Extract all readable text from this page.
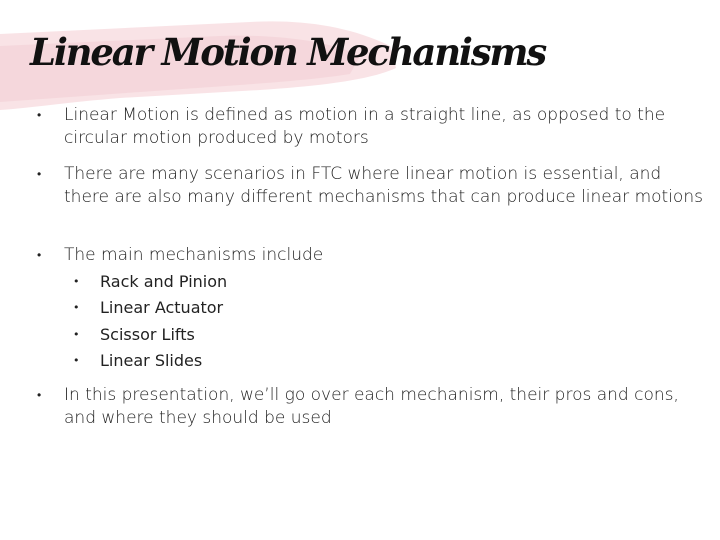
Linear Motion Mechanisms
• Linear Motion is defined as motion in a straight line, as opposed to the circular motion produced by motors
• There are many scenarios in FTC where linear motion is essential, and there are also many different mechanisms that can produce linear motions
• The main mechanisms include
• Rack and Pinion
• Linear Actuator
• Scissor Lifts
• Linear Slides
• In this presentation, we’ll go over each mechanism, their pros and cons, and where they should be used
